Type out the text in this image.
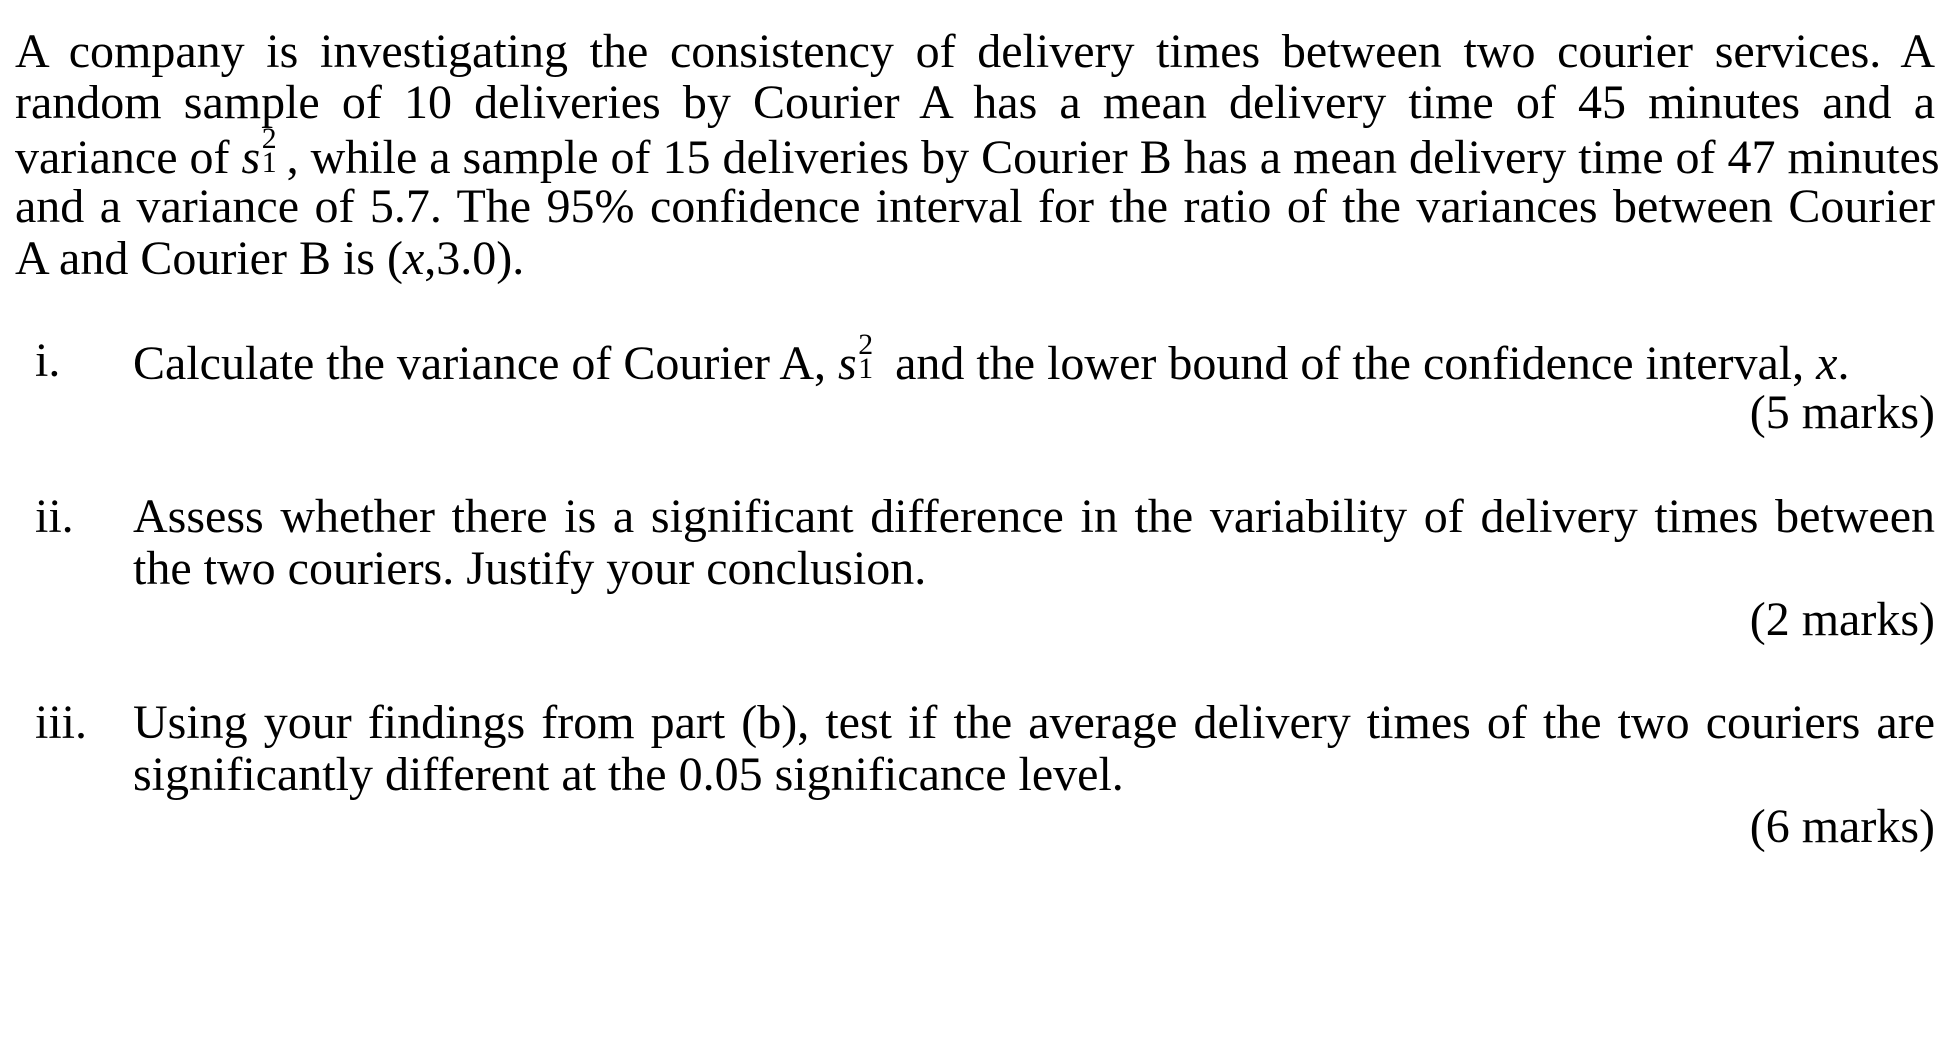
A company is investigating the consistency of delivery times between two courier services. A
random sample of 10 deliveries by Courier A has a mean delivery time of 45 minutes and a
variance of s 2
1 , while a sample of 15 deliveries by Courier B has a mean delivery time of 47 minutes
and a variance of 5.7. The 95% confidence interval for the ratio of the variances between Courier
A and Courier B is (x,3.0).
i. Calculate the variance of Courier A, s 2
1 and the lower bound of the confidence interval, x.
(5 marks)
ii. Assess whether there is a significant difference in the variability of delivery times between
the two couriers. Justify your conclusion.
(2 marks)
iii. Using your findings from part (b), test if the average delivery times of the two couriers are
significantly different at the 0.05 significance level.
(6 marks)
